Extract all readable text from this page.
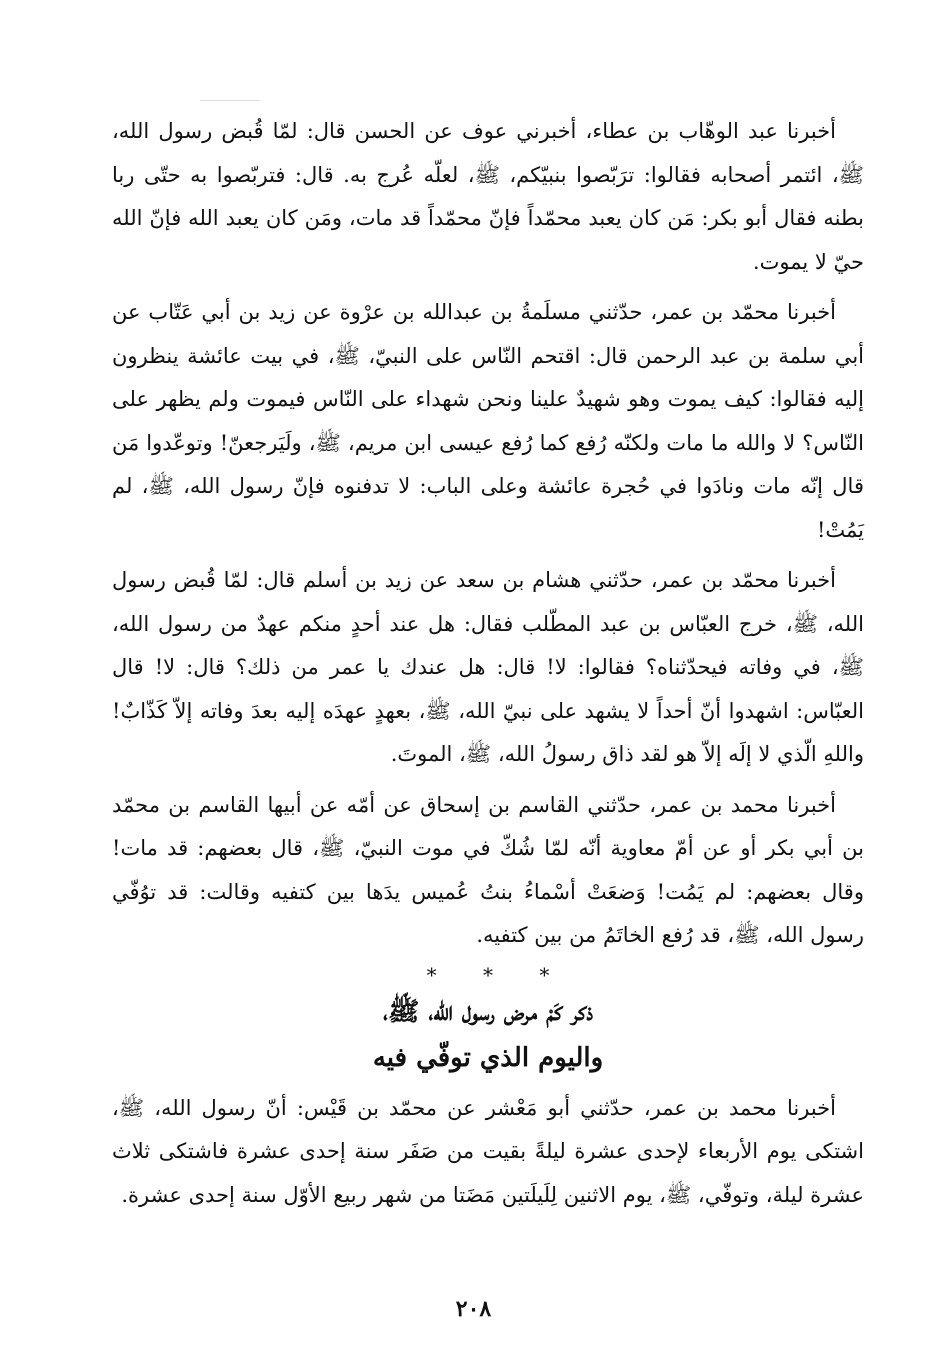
أخبرنا عبد الوهّاب بن عطاء، أخبرني عوف عن الحسن قال: لمّا قُبض رسول الله، ﷺ، ائتمر أصحابه فقالوا: ترَبّصوا بنبيّكم، ﷺ، لعلّه عُرج به. قال: فتربّصوا به حتّى ربا بطنه فقال أبو بكر: مَن كان يعبد محمّداً فإنّ محمّداً قد مات، ومَن كان يعبد الله فإنّ الله حيّ لا يموت.

أخبرنا محمّد بن عمر، حدّثني مسلَمةُ بن عبدالله بن عرْوة عن زيد بن أبي عَتّاب عن أبي سلمة بن عبد الرحمن قال: اقتحم النّاس على النبيّ، ﷺ، في بيت عائشة ينظرون إليه فقالوا: كيف يموت وهو شهيدٌ علينا ونحن شهداء على النّاس فيموت ولم يظهر على النّاس؟ لا والله ما مات ولكنّه رُفع كما رُفع عيسى ابن مريم، ﷺ، ولَيَرجعنّ! وتوعّدوا مَن قال إنّه مات ونادَوا في حُجرة عائشة وعلى الباب: لا تدفنوه فإنّ رسول الله، ﷺ، لم يَمُتْ!

أخبرنا محمّد بن عمر، حدّثني هشام بن سعد عن زيد بن أسلم قال: لمّا قُبض رسول الله، ﷺ، خرج العبّاس بن عبد المطّلب فقال: هل عند أحدٍ منكم عهدٌ من رسول الله، ﷺ، في وفاته فيحدّثناه؟ فقالوا: لا! قال: هل عندك يا عمر من ذلك؟ قال: لا! قال العبّاس: اشهدوا أنّ أحداً لا يشهد على نبيّ الله، ﷺ، بعهدٍ عهدَه إليه بعدَ وفاته إلاّ كَذّابٌ! واللهِ الّذي لا إلَه إلاّ هو لقد ذاق رسولُ الله، ﷺ، الموتَ.

أخبرنا محمد بن عمر، حدّثني القاسم بن إسحاق عن أمّه عن أبيها القاسم بن محمّد بن أبي بكر أو عن أمّ معاوية أنّه لمّا شُكّ في موت النبيّ، ﷺ، قال بعضهم: قد مات! وقال بعضهم: لم يَمُت! وَضعَتْ أسْماءُ بنتُ عُميس يدَها بين كتفيه وقالت: قد توُفّي رسول الله، ﷺ، قد رُفع الخاتَمُ من بين كتفيه.

* * *

ذكر كَمْ مرض رسول الله، ﷺ،

واليوم الذي توفّي فيه

أخبرنا محمد بن عمر، حدّثني أبو مَعْشر عن محمّد بن قَيْس: أنّ رسول الله، ﷺ، اشتكى يوم الأربعاء لإحدى عشرة ليلةً بقيت من صَفَر سنة إحدى عشرة فاشتكى ثلاث عشرة ليلة، وتوفّي، ﷺ، يوم الاثنين لِلَيلَتين مَضَتا من شهر ربيع الأوّل سنة إحدى عشرة.

٢٠٨
